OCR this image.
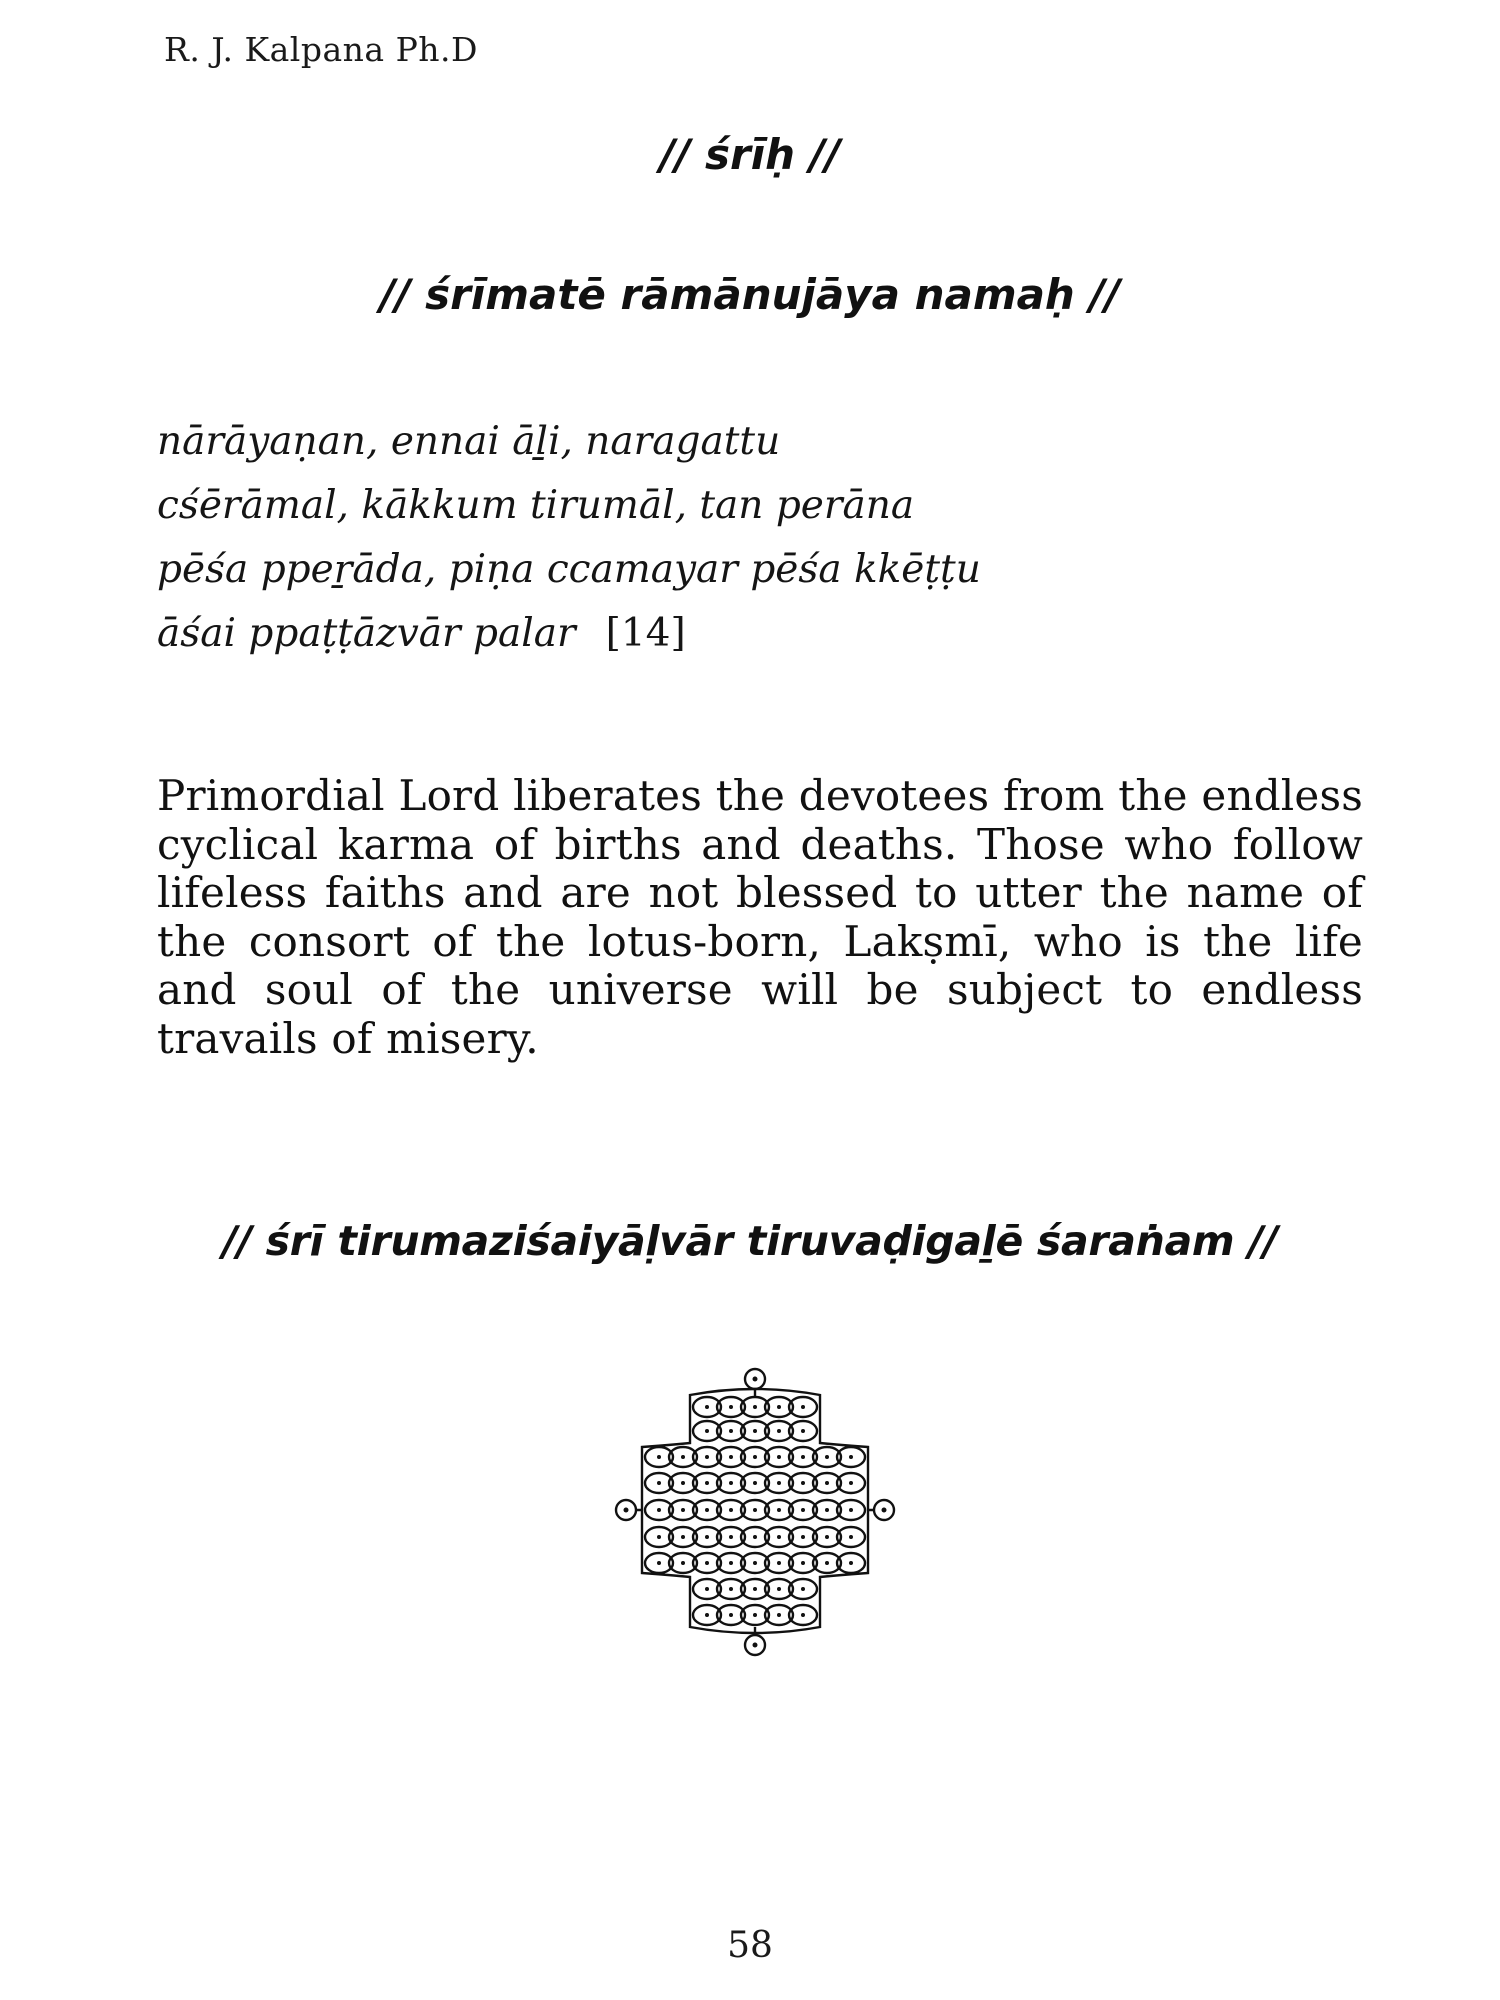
R. J. Kalpana Ph.D
// śrīḥ //
// śrīmatē rāmānujāya namaḥ //
nārāyaṇan, ennai āḻi, naragattu
cśērāmal, kākkum tirumāl, tan perāna
pēśa ppeṟāda, piṇa ccamayar pēśa kkēṭṭu
āśai ppaṭṭāzvār palar [14]
Primordial Lord liberates the devotees from the endless cyclical karma of births and deaths. Those who follow lifeless faiths and are not blessed to utter the name of the consort of the lotus-born, Lakṣmī, who is the life and soul of the universe will be subject to endless travails of misery.
// śrī tirumaziśaiyāḷvār tiruvaḍigaḻē śaraṅam //
58
